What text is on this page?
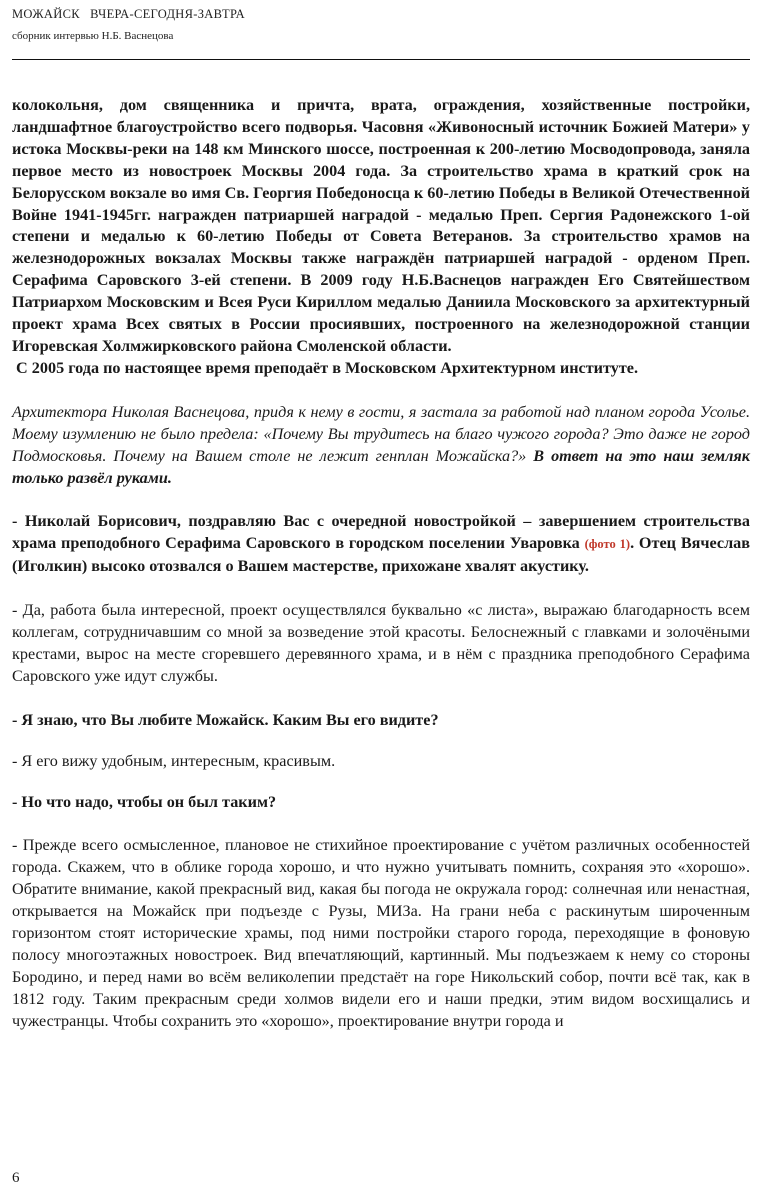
МОЖАЙСК   ВЧЕРА-СЕГОДНЯ-ЗАВТРА
сборник интервью Н.Б. Васнецова

колокольня, дом священника и причта, врата, ограждения, хозяйственные постройки, ландшафтное благоустройство всего подворья. Часовня «Живоносный источник Божией Матери» у истока Москвы-реки на 148 км Минского шоссе, построенная к 200-летию Мосводопровода, заняла первое место из новостроек Москвы 2004 года. За строительство храма в краткий срок на Белорусском вокзале во имя Св. Георгия Победоносца к 60-летию Победы в Великой Отечественной Войне 1941-1945гг. награжден патриаршей наградой - медалью Преп. Сергия Радонежского 1-ой степени и медалью к 60-летию Победы от Совета Ветеранов. За строительство храмов на железнодорожных вокзалах Москвы также награждён патриаршей наградой - орденом Преп. Серафима Саровского 3-ей степени. В 2009 году Н.Б.Васнецов награжден Его Святейшеством Патриархом Московским и Всея Руси Кириллом медалью Даниила Московского за архитектурный проект храма Всех святых в России просиявших, построенного на железнодорожной станции Игоревская Холмжирковского района Смоленской области.

С 2005 года по настоящее время преподаёт в Московском Архитектурном институте.

Архитектора Николая Васнецова, придя к нему в гости, я застала за работой над планом города Усолье. Моему изумлению не было предела: «Почему Вы трудитесь на благо чужого города? Это даже не город Подмосковья. Почему на Вашем столе не лежит генплан Можайска?» В ответ на это наш земляк только развёл руками.

- Николай Борисович, поздравляю Вас с очередной новостройкой – завершением строительства храма преподобного Серафима Саровского в городском поселении Уваровка (фото 1). Отец Вячеслав (Иголкин) высоко отозвался о Вашем мастерстве, прихожане хвалят акустику.

- Да, работа была интересной, проект осуществлялся буквально «с листа», выражаю благодарность всем коллегам, сотрудничавшим со мной за возведение этой красоты. Белоснежный с главками и золочёными крестами, вырос на месте сгоревшего деревянного храма, и в нём с праздника преподобного Серафима Саровского уже идут службы.

- Я знаю, что Вы любите Можайск. Каким Вы его видите?

- Я его вижу удобным, интересным, красивым.

- Но что надо, чтобы он был таким?

- Прежде всего осмысленное, плановое не стихийное проектирование с учётом различных особенностей города. Скажем, что в облике города хорошо, и что нужно учитывать помнить, сохраняя это «хорошо». Обратите внимание, какой прекрасный вид, какая бы погода не окружала город: солнечная или ненастная, открывается на Можайск при подъезде с Рузы, МИЗа. На грани неба с раскинутым широченным горизонтом стоят исторические храмы, под ними постройки старого города, переходящие в фоновую полосу многоэтажных новостроек. Вид впечатляющий, картинный. Мы подъезжаем к нему со стороны Бородино, и перед нами во всём великолепии предстаёт на горе Никольский собор, почти всё так, как в 1812 году. Таким прекрасным среди холмов видели его и наши предки, этим видом восхищались и чужестранцы. Чтобы сохранить это «хорошо», проектирование внутри города и

6
